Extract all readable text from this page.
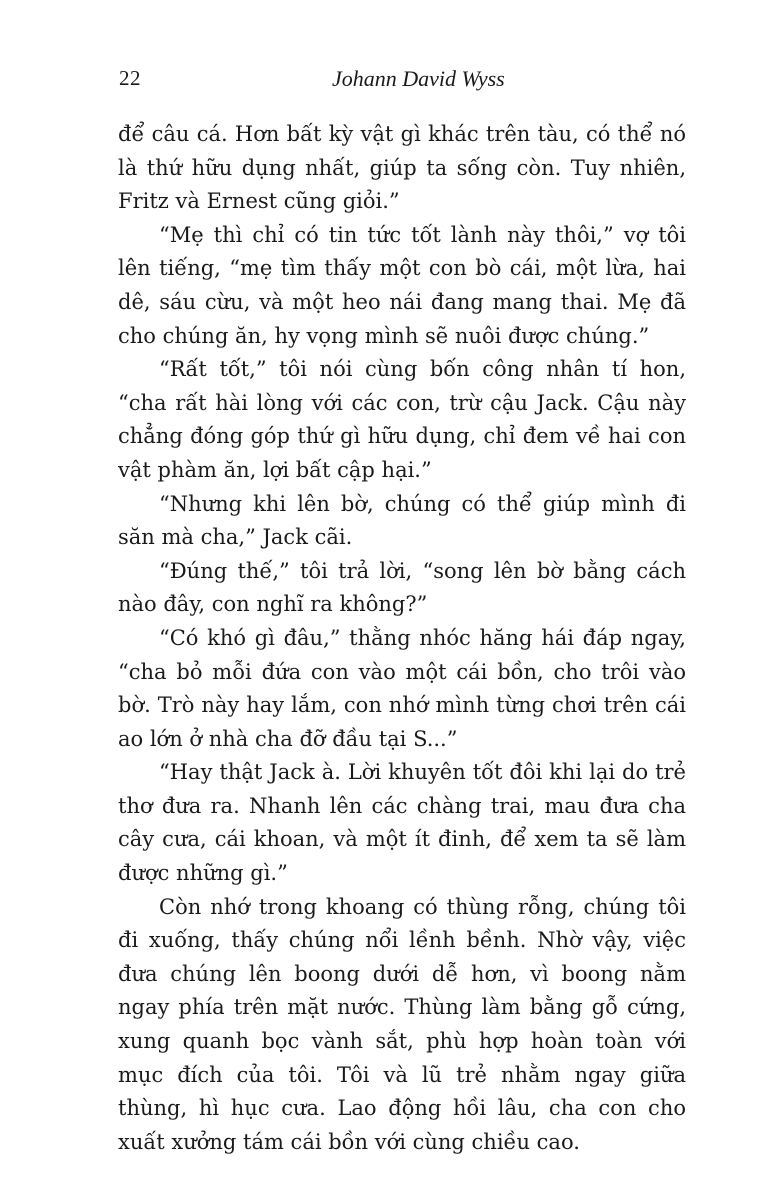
22	Johann David Wyss

để câu cá. Hơn bất kỳ vật gì khác trên tàu, có thể nó là thứ hữu dụng nhất, giúp ta sống còn. Tuy nhiên, Fritz và Ernest cũng giỏi.”

“Mẹ thì chỉ có tin tức tốt lành này thôi,” vợ tôi lên tiếng, “mẹ tìm thấy một con bò cái, một lừa, hai dê, sáu cừu, và một heo nái đang mang thai. Mẹ đã cho chúng ăn, hy vọng mình sẽ nuôi được chúng.”

“Rất tốt,” tôi nói cùng bốn công nhân tí hon, “cha rất hài lòng với các con, trừ cậu Jack. Cậu này chẳng đóng góp thứ gì hữu dụng, chỉ đem về hai con vật phàm ăn, lợi bất cập hại.”

“Nhưng khi lên bờ, chúng có thể giúp mình đi săn mà cha,” Jack cãi.

“Đúng thế,” tôi trả lời, “song lên bờ bằng cách nào đây, con nghĩ ra không?”

“Có khó gì đâu,” thằng nhóc hăng hái đáp ngay, “cha bỏ mỗi đứa con vào một cái bồn, cho trôi vào bờ. Trò này hay lắm, con nhớ mình từng chơi trên cái ao lớn ở nhà cha đỡ đầu tại S...”

“Hay thật Jack à. Lời khuyên tốt đôi khi lại do trẻ thơ đưa ra. Nhanh lên các chàng trai, mau đưa cha cây cưa, cái khoan, và một ít đinh, để xem ta sẽ làm được những gì.”

Còn nhớ trong khoang có thùng rỗng, chúng tôi đi xuống, thấy chúng nổi lềnh bềnh. Nhờ vậy, việc đưa chúng lên boong dưới dễ hơn, vì boong nằm ngay phía trên mặt nước. Thùng làm bằng gỗ cứng, xung quanh bọc vành sắt, phù hợp hoàn toàn với mục đích của tôi. Tôi và lũ trẻ nhằm ngay giữa thùng, hì hục cưa. Lao động hồi lâu, cha con cho xuất xưởng tám cái bồn với cùng chiều cao.
